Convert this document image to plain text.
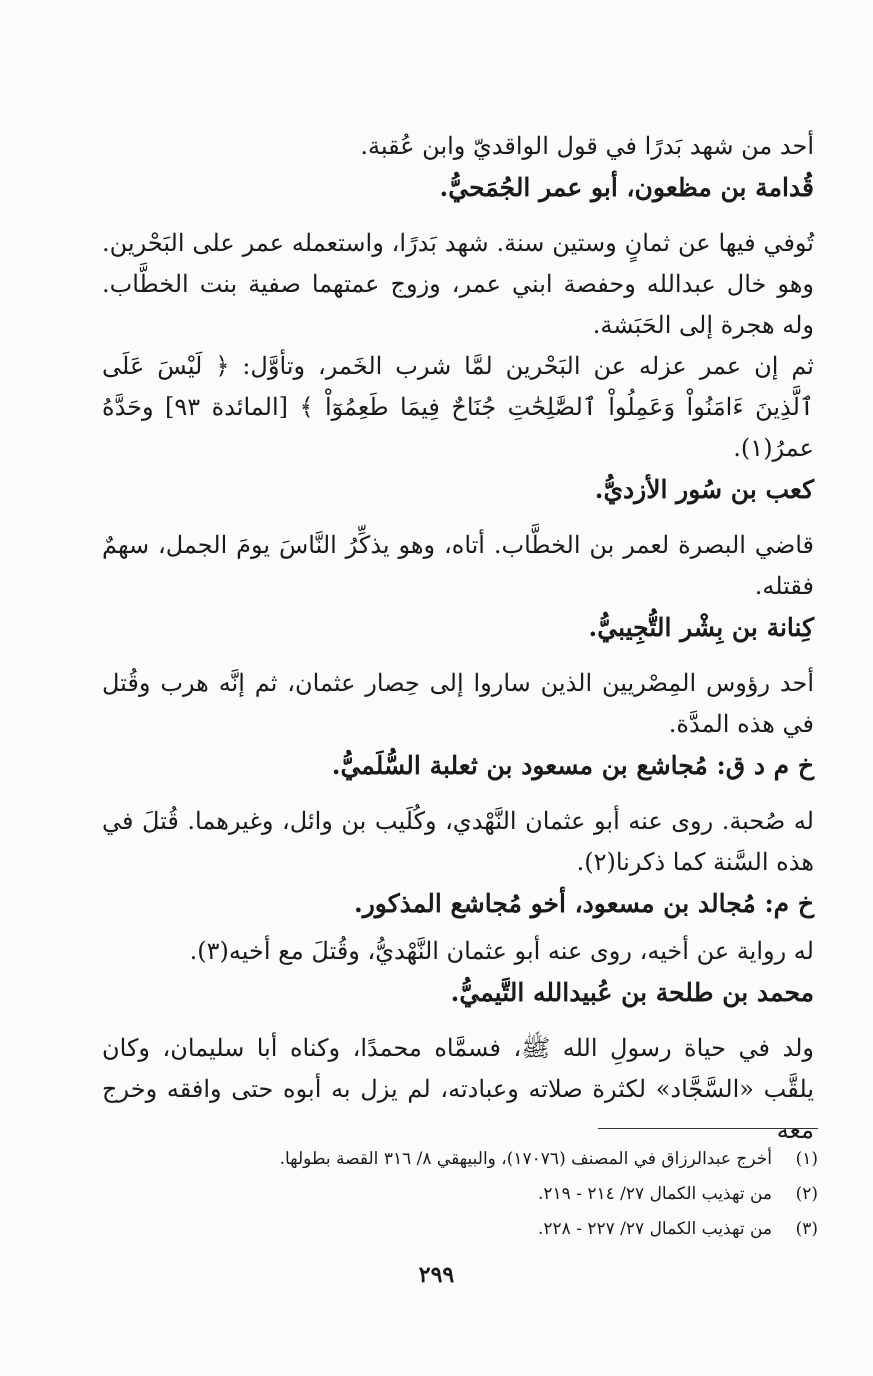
أحد من شهد بَدرًا في قول الواقديّ وابن عُقبة.

قُدامة بن مظعون، أبو عمر الجُمَحيُّ.

تُوفي فيها عن ثمانٍ وستين سنة. شهد بَدرًا، واستعمله عمر على البَحْرين. وهو خال عبدالله وحفصة ابني عمر، وزوج عمتهما صفية بنت الخطَّاب. وله هجرة إلى الحَبَشة.

ثم إن عمر عزله عن البَحْرين لمَّا شرب الخَمر، وتأوَّل: ﴿ لَيْسَ عَلَى ٱلَّذِينَ ءَامَنُواْ وَعَمِلُواْ ٱلصَّٰلِحَٰتِ جُنَاحٌ فِيمَا طَعِمُوٓاْ ﴾ [المائدة ٩٣] وحَدَّهُ عمرُ(١).

كعب بن سُور الأزديُّ.

قاضي البصرة لعمر بن الخطَّاب. أتاه، وهو يذكِّرُ النَّاسَ يومَ الجمل، سهمٌ فقتله.

كِنانة بن بِشْر التُّجِيبيُّ.

أحد رؤوس المِصْريين الذين ساروا إلى حِصار عثمان، ثم إنَّه هرب وقُتل في هذه المدَّة.

خ م د ق: مُجاشع بن مسعود بن ثعلبة السُّلَميُّ.

له صُحبة. روى عنه أبو عثمان النَّهْدي، وكُلَيب بن وائل، وغيرهما. قُتلَ في هذه السَّنة كما ذكرنا(٢).

خ م: مُجالد بن مسعود، أخو مُجاشع المذكور.

له رواية عن أخيه، روى عنه أبو عثمان النَّهْديُّ، وقُتلَ مع أخيه(٣).

محمد بن طلحة بن عُبيدالله التَّيميُّ.

ولد في حياة رسولِ الله ﷺ، فسمَّاه محمدًا، وكناه أبا سليمان، وكان يلقَّب «السَّجَّاد» لكثرة صلاته وعبادته، لم يزل به أبوه حتى وافقه وخرج معه

(١)
أخرج عبدالرزاق في المصنف (١٧٠٧٦)، والبيهقي ٨/ ٣١٦ القصة بطولها.
(٢)
من تهذيب الكمال ٢٧/ ٢١٤ - ٢١٩.
(٣)
من تهذيب الكمال ٢٧/ ٢٢٧ - ٢٢٨.
٢٩٩
